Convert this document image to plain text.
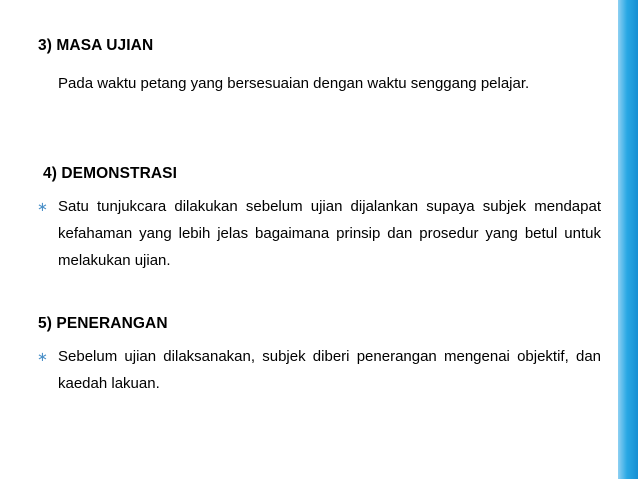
3) MASA UJIAN
Pada waktu petang yang bersesuaian dengan waktu senggang pelajar.
4) DEMONSTRASI
∗ Satu tunjukcara dilakukan sebelum ujian dijalankan supaya subjek mendapat kefahaman yang lebih jelas bagaimana prinsip dan prosedur yang betul untuk melakukan ujian.
5) PENERANGAN
∗ Sebelum ujian dilaksanakan, subjek diberi penerangan mengenai objektif, dan kaedah lakuan.
